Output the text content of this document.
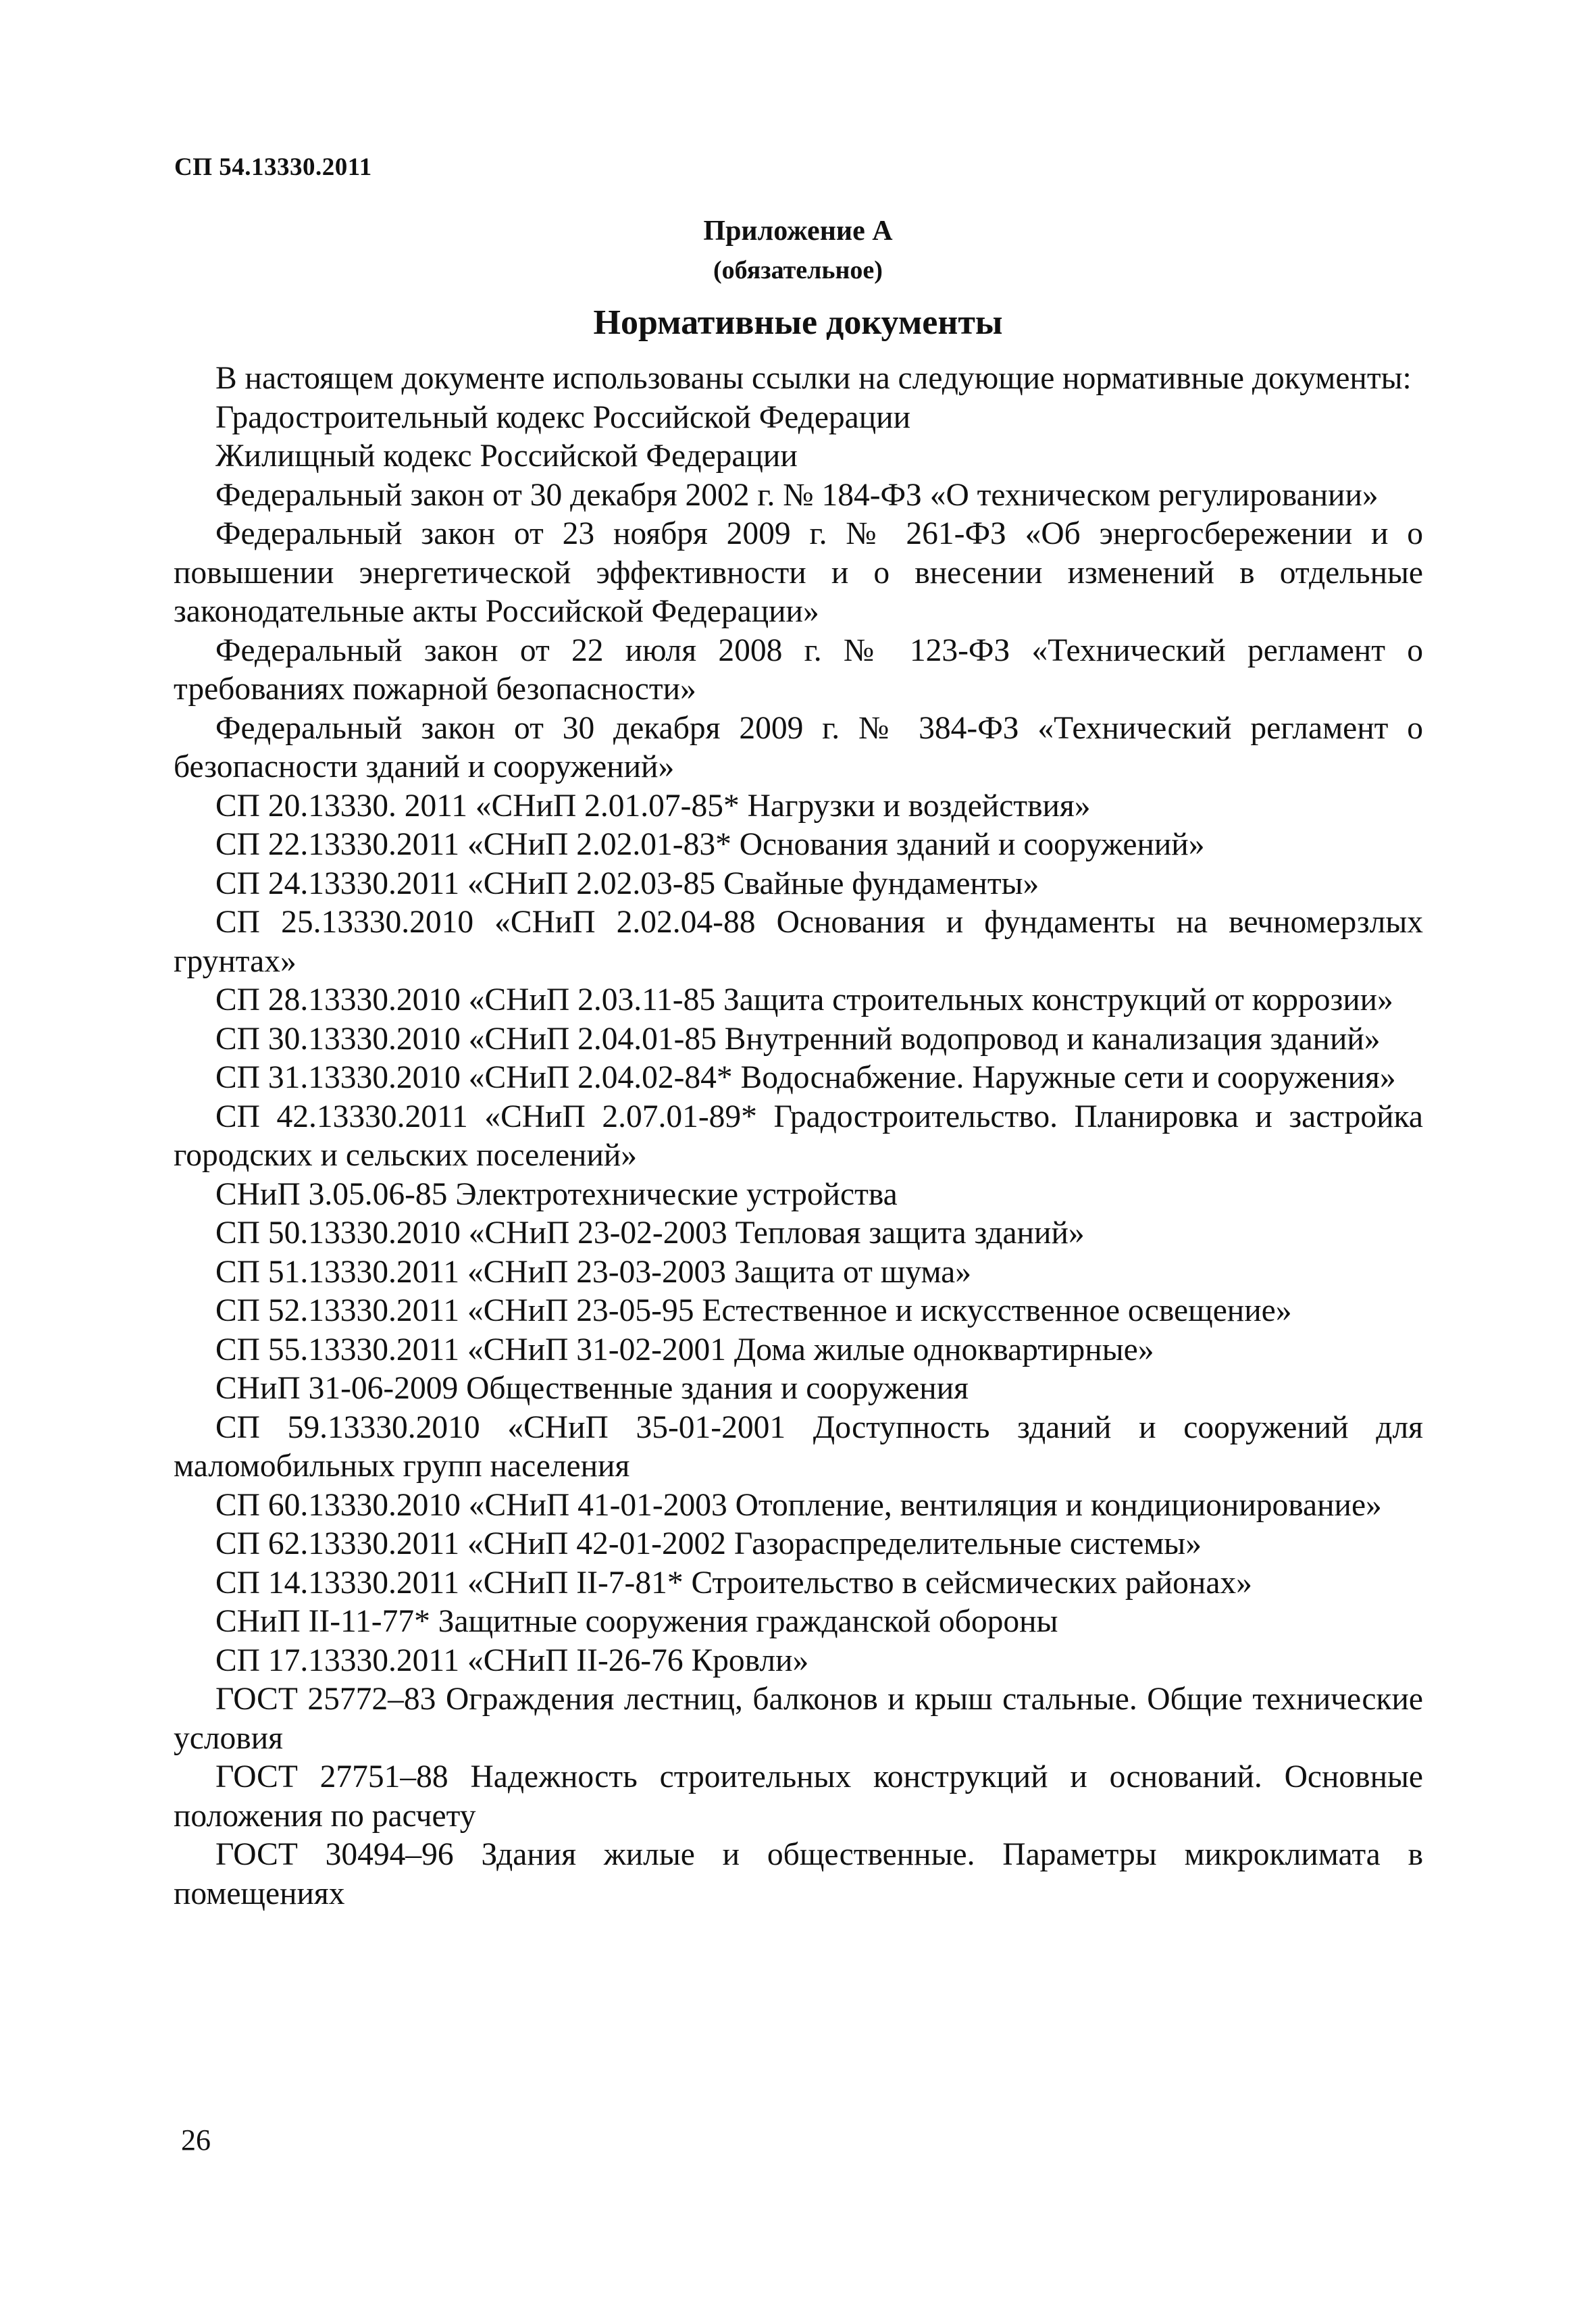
СП 54.13330.2011
Приложение А
(обязательное)
Нормативные документы

В настоящем документе использованы ссылки на следующие нормативные документы:

Градостроительный кодекс Российской Федерации

Жилищный кодекс Российской Федерации

Федеральный закон от 30 декабря 2002 г. № 184-ФЗ «О техническом регулировании»

Федеральный закон от 23 ноября 2009 г. № 261-ФЗ «Об энергосбережении и о повышении энергетической эффективности и о внесении изменений в отдельные законодательные акты Российской Федерации»

Федеральный закон от 22 июля 2008 г. № 123-ФЗ «Технический регламент о требованиях пожарной безопасности»

Федеральный закон от 30 декабря 2009 г. № 384-ФЗ «Технический регламент о безопасности зданий и сооружений»

СП 20.13330. 2011 «СНиП 2.01.07-85* Нагрузки и воздействия»

СП 22.13330.2011 «СНиП 2.02.01-83* Основания зданий и сооружений»

СП 24.13330.2011 «СНиП 2.02.03-85 Свайные фундаменты»

СП 25.13330.2010 «СНиП 2.02.04-88 Основания и фундаменты на вечномерзлых грунтах»

СП 28.13330.2010 «СНиП 2.03.11-85 Защита строительных конструкций от коррозии»

СП 30.13330.2010 «СНиП 2.04.01-85 Внутренний водопровод и канализация зданий»

СП 31.13330.2010 «СНиП 2.04.02-84* Водоснабжение. Наружные сети и сооружения»

СП 42.13330.2011 «СНиП 2.07.01-89* Градостроительство. Планировка и застройка городских и сельских поселений»

СНиП 3.05.06-85 Электротехнические устройства

СП 50.13330.2010 «СНиП 23-02-2003 Тепловая защита зданий»

СП 51.13330.2011 «СНиП 23-03-2003 Защита от шума»

СП 52.13330.2011 «СНиП 23-05-95 Естественное и искусственное освещение»

СП 55.13330.2011 «СНиП 31-02-2001 Дома жилые одноквартирные»

СНиП 31-06-2009 Общественные здания и сооружения

СП 59.13330.2010 «СНиП 35-01-2001 Доступность зданий и сооружений для маломобильных групп населения

СП 60.13330.2010 «СНиП 41-01-2003 Отопление, вентиляция и кондиционирование»

СП 62.13330.2011 «СНиП 42-01-2002 Газораспределительные системы»

СП 14.13330.2011 «СНиП II-7-81* Строительство в сейсмических районах»

СНиП II-11-77* Защитные сооружения гражданской обороны

СП 17.13330.2011 «СНиП II-26-76 Кровли»

ГОСТ 25772–83 Ограждения лестниц, балконов и крыш стальные. Общие технические условия

ГОСТ 27751–88 Надежность строительных конструкций и оснований. Основные положения по расчету

ГОСТ 30494–96 Здания жилые и общественные. Параметры микроклимата в помещениях

26
